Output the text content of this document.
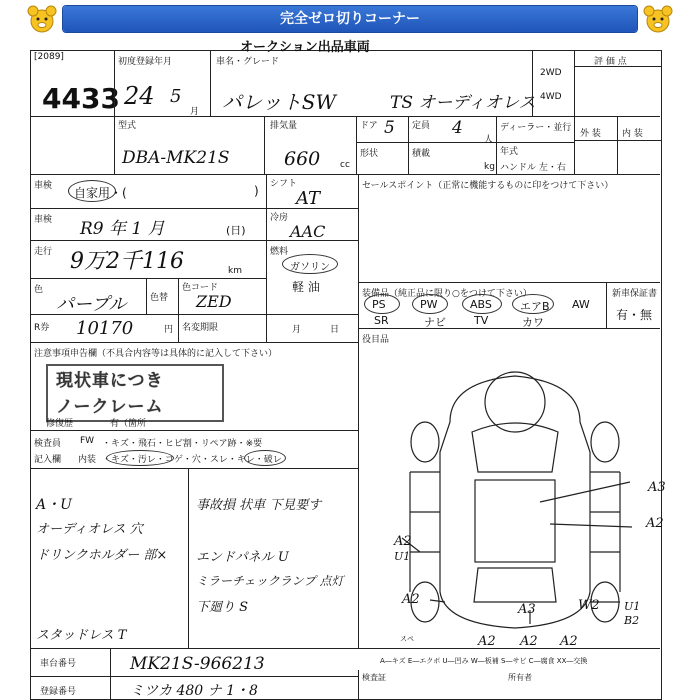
完全ゼロ切りコーナー
オークション出品車両
[2089]
4433
初度登録年月
24 5
月
車名・グレード
パレットSW	TS オーディオレス
2WD
4WD
評 価 点
型式
DBA-MK21S
排気量
660 cc
ドア 5 定員 4
人
形状	積載
kg
ディーラー・並行
年式
ハンドル 左・右
外 装 内 装
車検 自家用・(	) シフト
AT
車検 R9 年 1 月	(日)
冷房
AAC
走行 9万2千116	km
燃料
ガソリン
軽 油
色
パープル	色替
色コード
ZED
R券 10170	円 名変期限	月	日
セールスポイント（正常に機能するものに印をつけて下さい）
装備品（純正品に限り○をつけて下さい）	新車保証書
有・無
PS	PW	ABS	エアB AW
SR	ナビ	TV	カワ
役目品
注意事項申告欄（不具合内容等は具体的に記入して下さい）
現状車につき
ノークレーム
修復歴	有（箇所
検査員
記入欄
FW ・キズ・飛石・ヒビ割・リペア跡・※要
内装 ・キズ・汚レ・コゲ・穴・スレ・キレ・破レ
A・U
オーディオレス 穴
ドリンクホルダー 部×
スタッドレス T
事故損 状車 下見要す
エンドパネル U
ミラーチェックランプ 点灯
下廻り S
A3
A2
A2
U1
A2
スペ
A3	W2 U1
B2
A2 A2 A2
A―キズ E―エクボ U―凹み W―板補 S―サビ C―腐食 XX―交換
車台番号	MK21S-966213
登録番号	ミツカ 480 ナ 1・8
検査証	所有者
